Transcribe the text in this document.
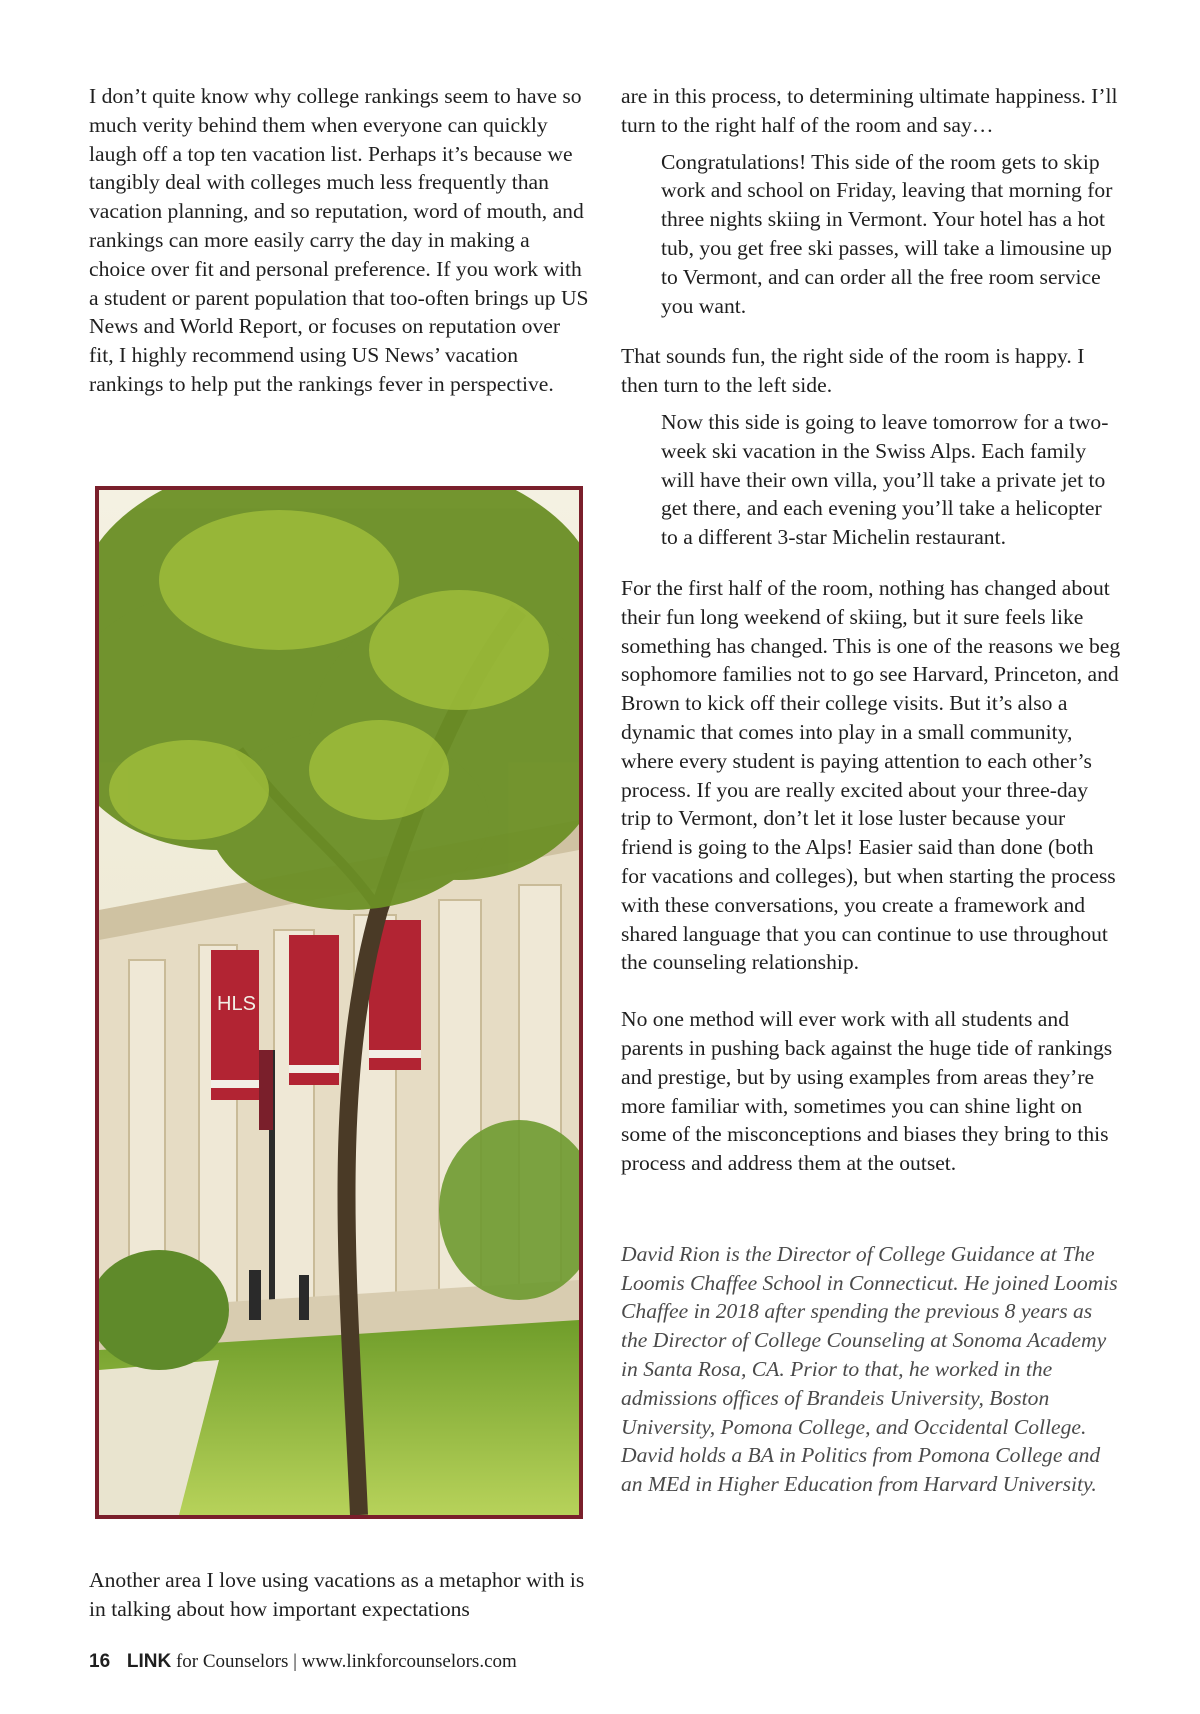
I don’t quite know why college rankings seem to have so much verity behind them when everyone can quickly laugh off a top ten vacation list. Perhaps it’s because we tangibly deal with colleges much less frequently than vacation planning, and so reputation, word of mouth, and rankings can more easily carry the day in making a choice over fit and personal preference. If you work with a student or parent population that too-often brings up US News and World Report, or focuses on reputation over fit, I highly recommend using US News’ vacation rankings to help put the rankings fever in perspective.

HLS

Another area I love using vacations as a metaphor with is in talking about how important expectations

are in this process, to determining ultimate happiness. I’ll turn to the right half of the room and say…

Congratulations! This side of the room gets to skip work and school on Friday, leaving that morning for three nights skiing in Vermont. Your hotel has a hot tub, you get free ski passes, will take a limousine up to Vermont, and can order all the free room service you want.

That sounds fun, the right side of the room is happy. I then turn to the left side.

Now this side is going to leave tomorrow for a two-week ski vacation in the Swiss Alps. Each family will have their own villa, you’ll take a private jet to get there, and each evening you’ll take a helicopter to a different 3-star Michelin restaurant.

For the first half of the room, nothing has changed about their fun long weekend of skiing, but it sure feels like something has changed. This is one of the reasons we beg sophomore families not to go see Harvard, Princeton, and Brown to kick off their college visits. But it’s also a dynamic that comes into play in a small community, where every student is paying attention to each other’s process. If you are really excited about your three-day trip to Vermont, don’t let it lose luster because your friend is going to the Alps! Easier said than done (both for vacations and colleges), but when starting the process with these conversations, you create a framework and shared language that you can continue to use throughout the counseling relationship.

No one method will ever work with all students and parents in pushing back against the huge tide of rankings and prestige, but by using examples from areas they’re more familiar with, sometimes you can shine light on some of the misconceptions and biases they bring to this process and address them at the outset.

David Rion is the Director of College Guidance at The Loomis Chaffee School in Connecticut. He joined Loomis Chaffee in 2018 after spending the previous 8 years as the Director of College Counseling at Sonoma Academy in Santa Rosa, CA. Prior to that, he worked in the admissions offices of Brandeis University, Boston University, Pomona College, and Occidental College. David holds a BA in Politics from Pomona College and an MEd in Higher Education from Harvard University.

16 LINK for Counselors | www.linkforcounselors.com
